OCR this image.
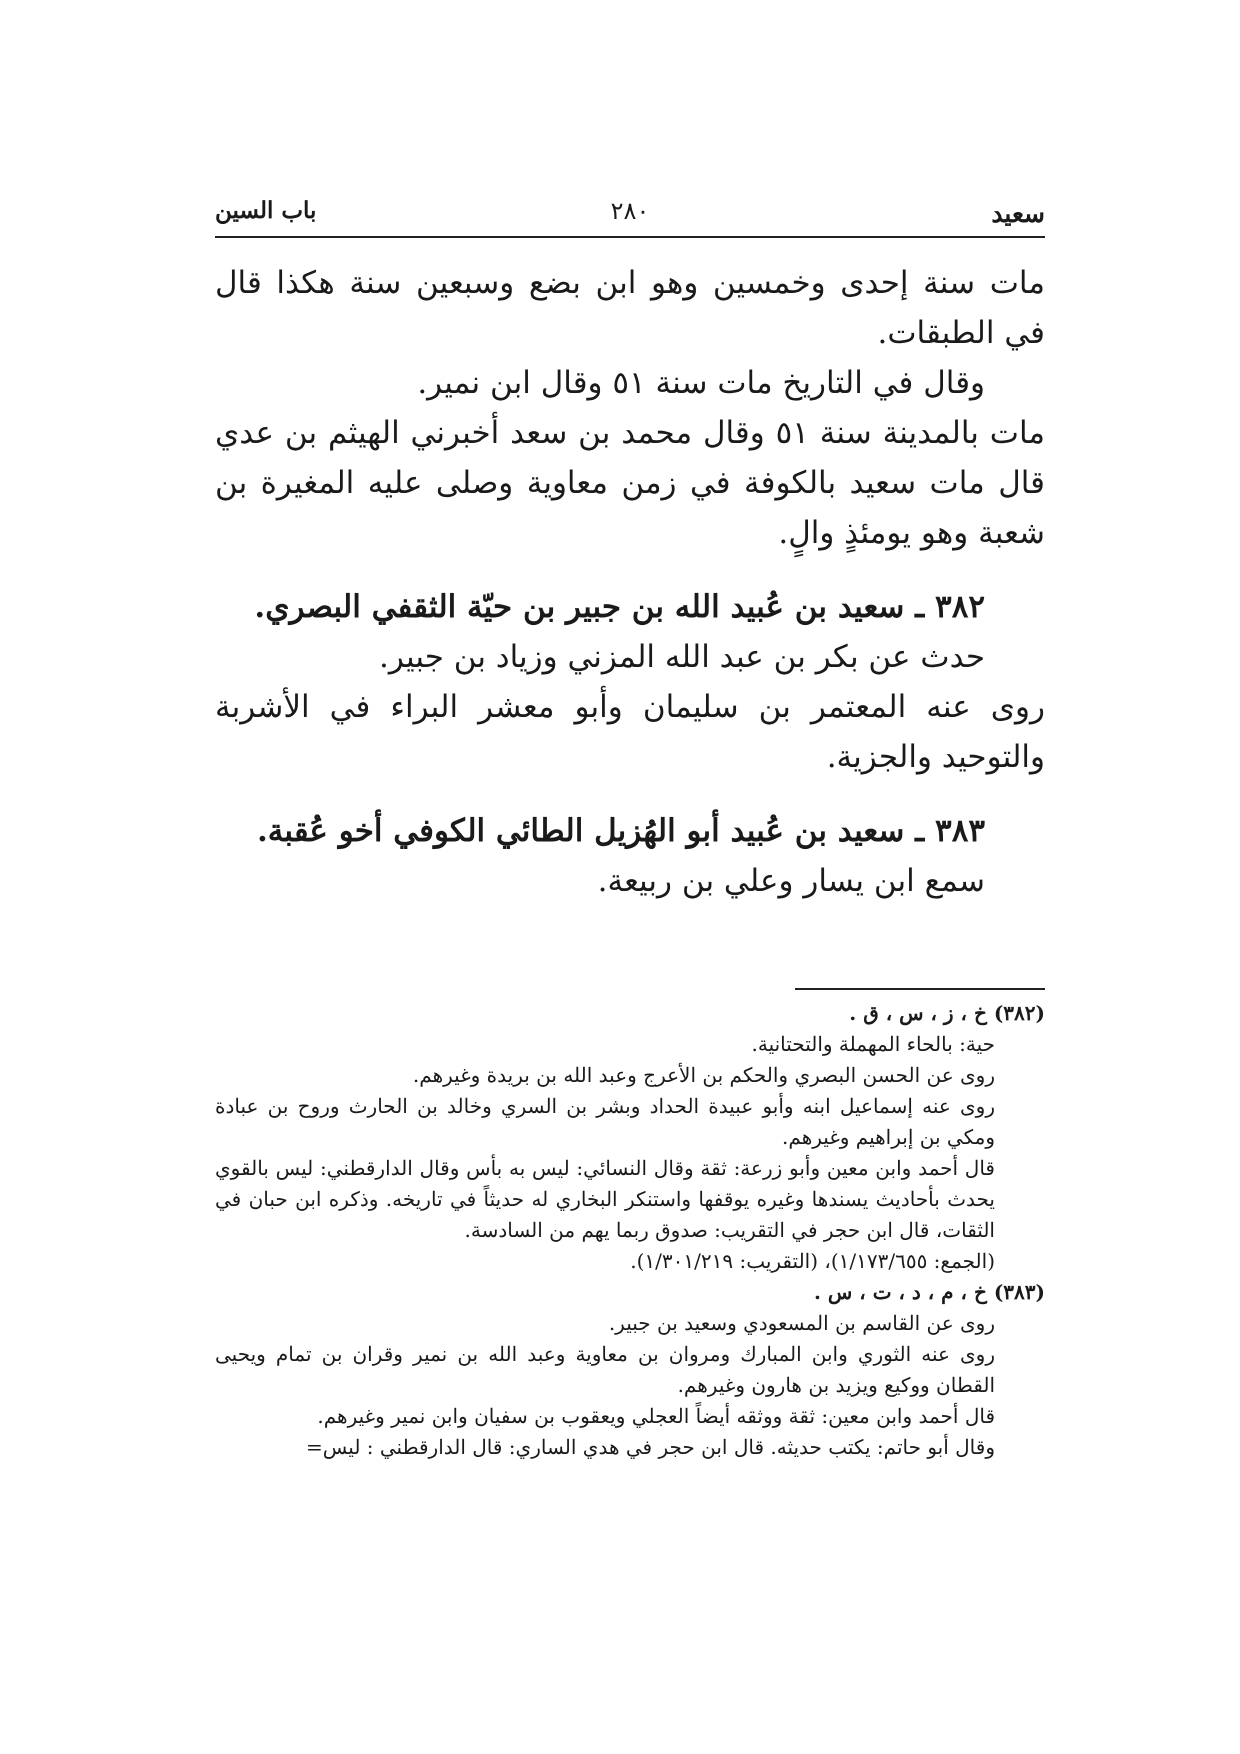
سعيد
٢٨٠
باب السين

مات سنة إحدى وخمسين وهو ابن بضع وسبعين سنة هكذا قال في الطبقات.

وقال في التاريخ مات سنة ٥١ وقال ابن نمير.

مات بالمدينة سنة ٥١ وقال محمد بن سعد أخبرني الهيثم بن عدي قال مات سعيد بالكوفة في زمن معاوية وصلى عليه المغيرة بن شعبة وهو يومئذٍ والٍ.

٣٨٢ ـ سعيد بن عُبيد الله بن جبير بن حيّة الثقفي البصري.

حدث عن بكر بن عبد الله المزني وزياد بن جبير.

روى عنه المعتمر بن سليمان وأبو معشر البراء في الأشربة والتوحيد والجزية.

٣٨٣ ـ سعيد بن عُبيد أبو الهُزيل الطائي الكوفي أخو عُقبة.

سمع ابن يسار وعلي بن ربيعة.

(٣٨٢) خ ، ز ، س ، ق .

حية: بالحاء المهملة والتحتانية.

روى عن الحسن البصري والحكم بن الأعرج وعبد الله بن بريدة وغيرهم.

روى عنه إسماعيل ابنه وأبو عبيدة الحداد وبشر بن السري وخالد بن الحارث وروح بن عبادة ومكي بن إبراهيم وغيرهم.

قال أحمد وابن معين وأبو زرعة: ثقة وقال النسائي: ليس به بأس وقال الدارقطني: ليس بالقوي يحدث بأحاديث يسندها وغيره يوقفها واستنكر البخاري له حديثاً في تاريخه. وذكره ابن حبان في الثقات، قال ابن حجر في التقريب: صدوق ربما يهم من السادسة.

(الجمع: ١/١٧٣/٦٥٥)، (التقريب: ١/٣٠١/٢١٩).

(٣٨٣) خ ، م ، د ، ت ، س .

روى عن القاسم بن المسعودي وسعيد بن جبير.

روى عنه الثوري وابن المبارك ومروان بن معاوية وعبد الله بن نمير وقران بن تمام ويحيى القطان ووكيع ويزيد بن هارون وغيرهم.

قال أحمد وابن معين: ثقة ووثقه أيضاً العجلي ويعقوب بن سفيان وابن نمير وغيرهم.

وقال أبو حاتم: يكتب حديثه. قال ابن حجر في هدي الساري: قال الدارقطني : ليس=
